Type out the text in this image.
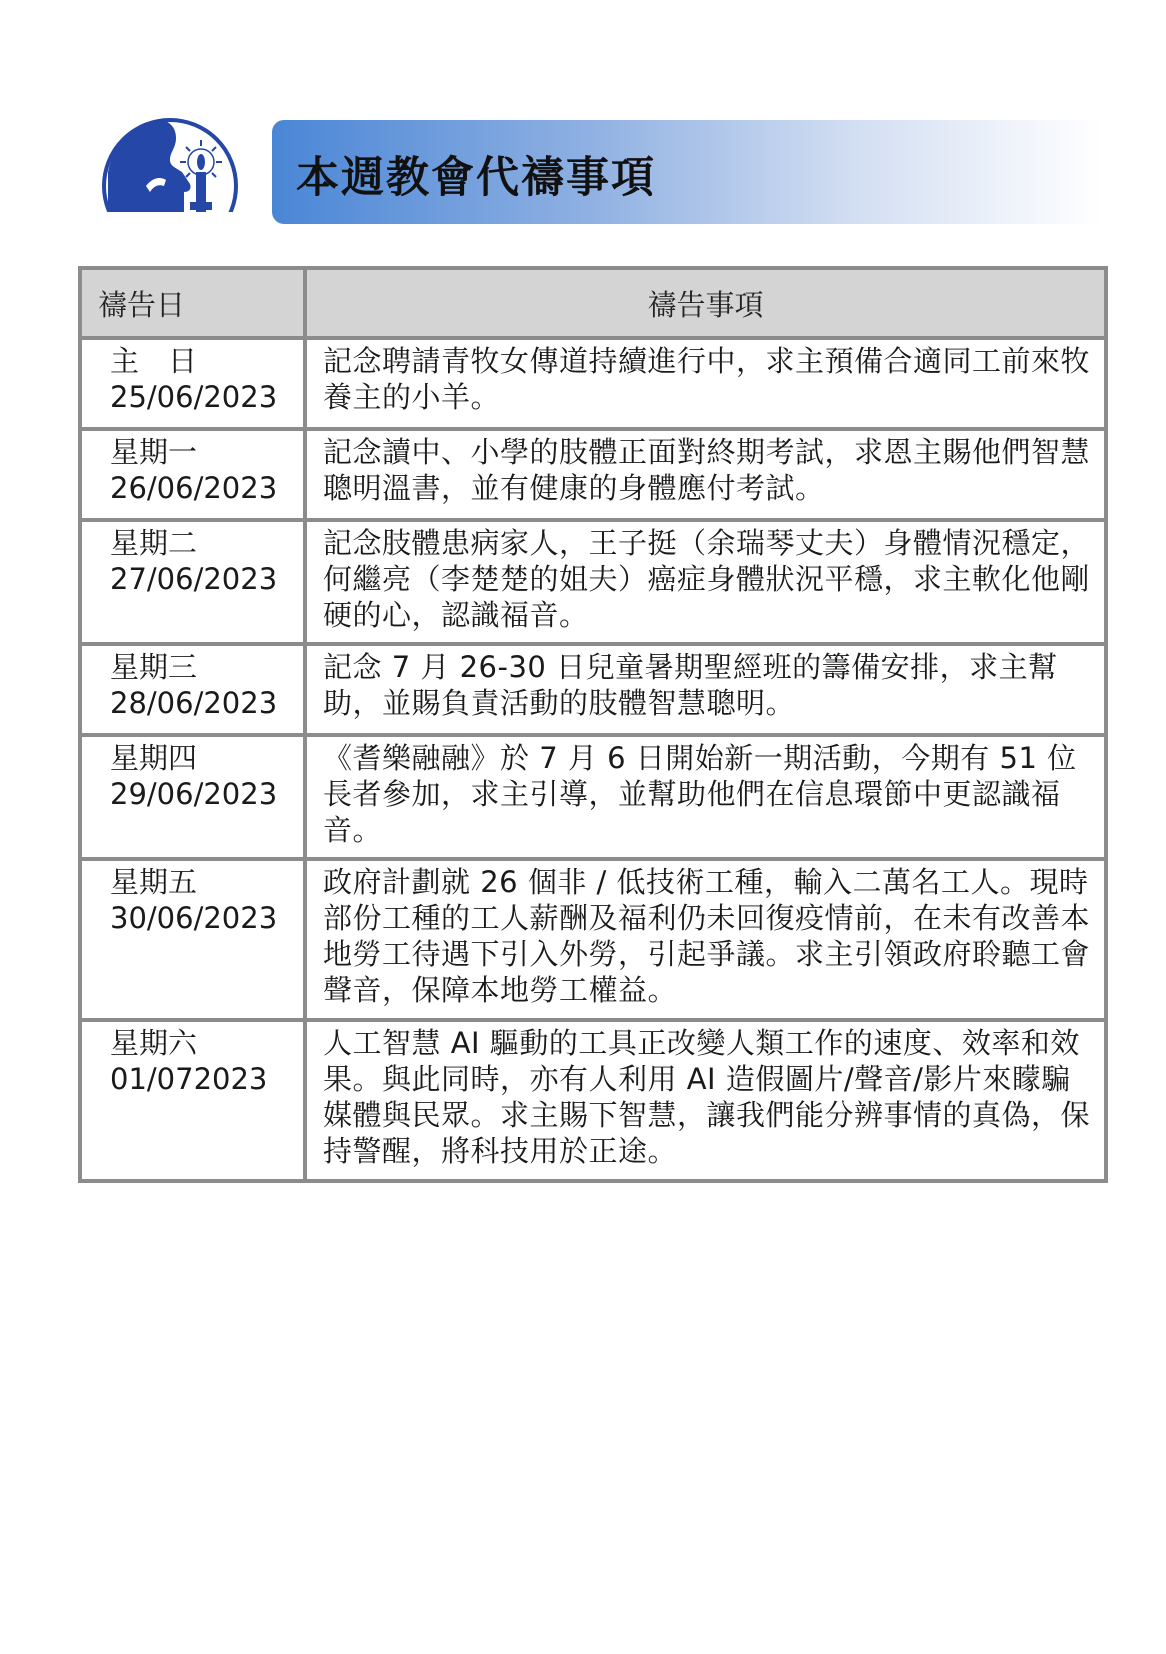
本週教會代禱事項
禱告日	禱告事項

主　日
25/06/2023	記念聘請青牧女傳道持續進行中，求主預備合適同工前來牧養主的小羊。

星期一
26/06/2023	記念讀中、小學的肢體正面對終期考試，求恩主賜他們智慧聰明溫書，並有健康的身體應付考試。

星期二
27/06/2023	記念肢體患病家人，王子挺（余瑞琴丈夫）身體情況穩定，何繼亮（李楚楚的姐夫）癌症身體狀況平穩，求主軟化他剛硬的心，認識福音。

星期三
28/06/2023	記念 7 月 26-30 日兒童暑期聖經班的籌備安排，求主幫助，並賜負責活動的肢體智慧聰明。

星期四
29/06/2023	《耆樂融融》於 7 月 6 日開始新一期活動，今期有 51 位長者參加，求主引導，並幫助他們在信息環節中更認識福音。

星期五
30/06/2023	政府計劃就 26 個非 / 低技術工種，輸入二萬名工人。現時部份工種的工人薪酬及福利仍未回復疫情前，在未有改善本地勞工待遇下引入外勞，引起爭議。求主引領政府聆聽工會聲音，保障本地勞工權益。

星期六
01/072023	人工智慧 AI 驅動的工具正改變人類工作的速度、效率和效果。與此同時，亦有人利用 AI 造假圖片/聲音/影片來矇騙媒體與民眾。求主賜下智慧，讓我們能分辨事情的真偽，保持警醒，將科技用於正途。
